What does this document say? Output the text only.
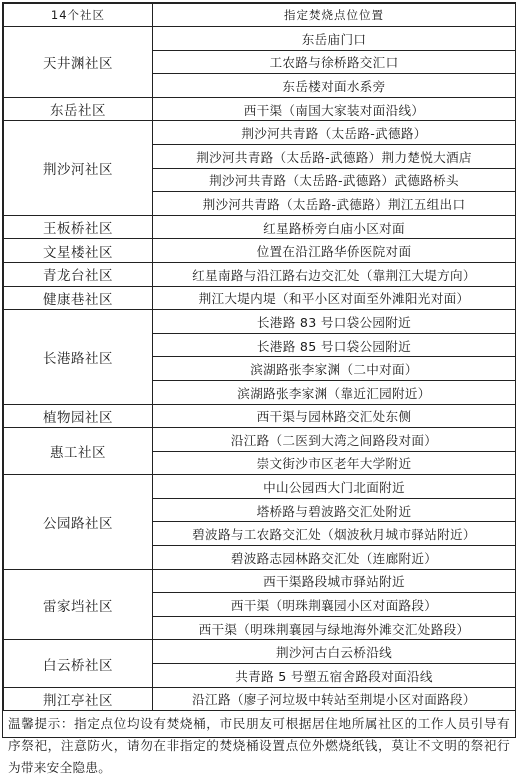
14个社区	指定焚烧点位位置
天井渊社区	东岳庙门口
	工农路与徐桥路交汇口
	东岳楼对面水系旁
东岳社区	西干渠（南国大家装对面沿线）
荆沙河社区	荆沙河共青路（太岳路-武德路）
	荆沙河共青路（太岳路-武德路）荆力楚悦大酒店
	荆沙河共青路（太岳路-武德路）武德路桥头
	荆沙河共青路（太岳路-武德路）荆江五组出口
王板桥社区	红星路桥旁白庙小区对面
文星楼社区	位置在沿江路华侨医院对面
青龙台社区	红星南路与沿江路右边交汇处（靠荆江大堤方向）
健康巷社区	荆江大堤内堤（和平小区对面至外滩阳光对面）
长港路社区	长港路 83 号口袋公园附近
	长港路 85 号口袋公园附近
	滨湖路张李家渊（二中对面）
	滨湖路张李家渊（靠近汇园附近）
植物园社区	西干渠与园林路交汇处东侧
惠工社区	沿江路（二医到大湾之间路段对面）
	崇文街沙市区老年大学附近
公园路社区	中山公园西大门北面附近
	塔桥路与碧波路交汇处附近
	碧波路与工农路交汇处（烟波秋月城市驿站附近）
	碧波路志园林路交汇处（连廊附近）
雷家垱社区	西干渠路段城市驿站附近
	西干渠（明珠荆襄园小区对面路段）
	西干渠（明珠荆襄园与绿地海外滩交汇处路段）
白云桥社区	荆沙河古白云桥沿线
	共青路 5 号塑五宿舍路段对面沿线
荆江亭社区	沿江路（廖子河垃圾中转站至荆堤小区对面路段）
温馨提示：指定点位均设有焚烧桶，市民朋友可根据居住地所属社区的工作人员引导有序祭祀，注意防火，请勿在非指定的焚烧桶设置点位外燃烧纸钱，莫让不文明的祭祀行为带来安全隐患。
